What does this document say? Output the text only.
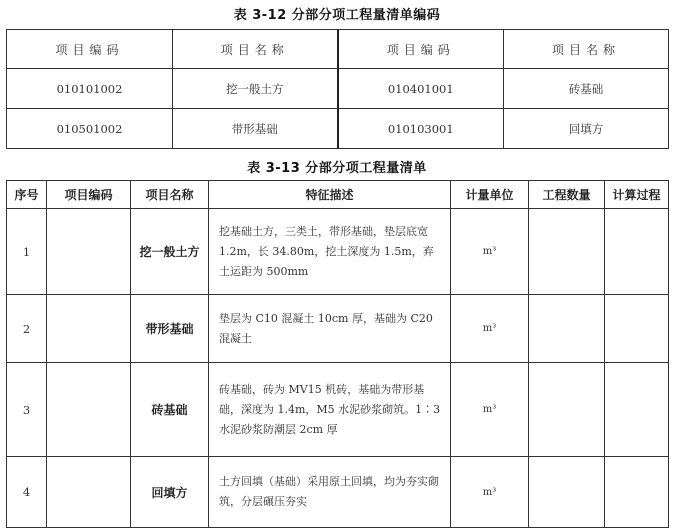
表 3-12 分部分项工程量清单编码
项目编码	项目名称	项目编码	项目名称
010101002	挖一般土方	010401001	砖基础
010501002	带形基础	010103001	回填方
表 3-13 分部分项工程量清单
序号	项目编码	项目名称	特征描述	计量单位	工程数量	计算过程
1		挖一般土方	挖基础土方，三类土，带形基础，垫层底宽 1.2m，长 34.80m，挖土深度为 1.5m，弃土运距为 500mm	m³		
2		带形基础	垫层为 C10 混凝土 10cm 厚，基础为 C20 混凝土	m³		
3		砖基础	砖基础，砖为 MV15 机砖，基础为带形基础，深度为 1.4m，M5 水泥砂浆砌筑。1∶3水泥砂浆防潮层 2cm 厚	m³		
4		回填方	土方回填（基础）采用原土回填，均为夯实砌筑，分层碾压夯实	m³		
